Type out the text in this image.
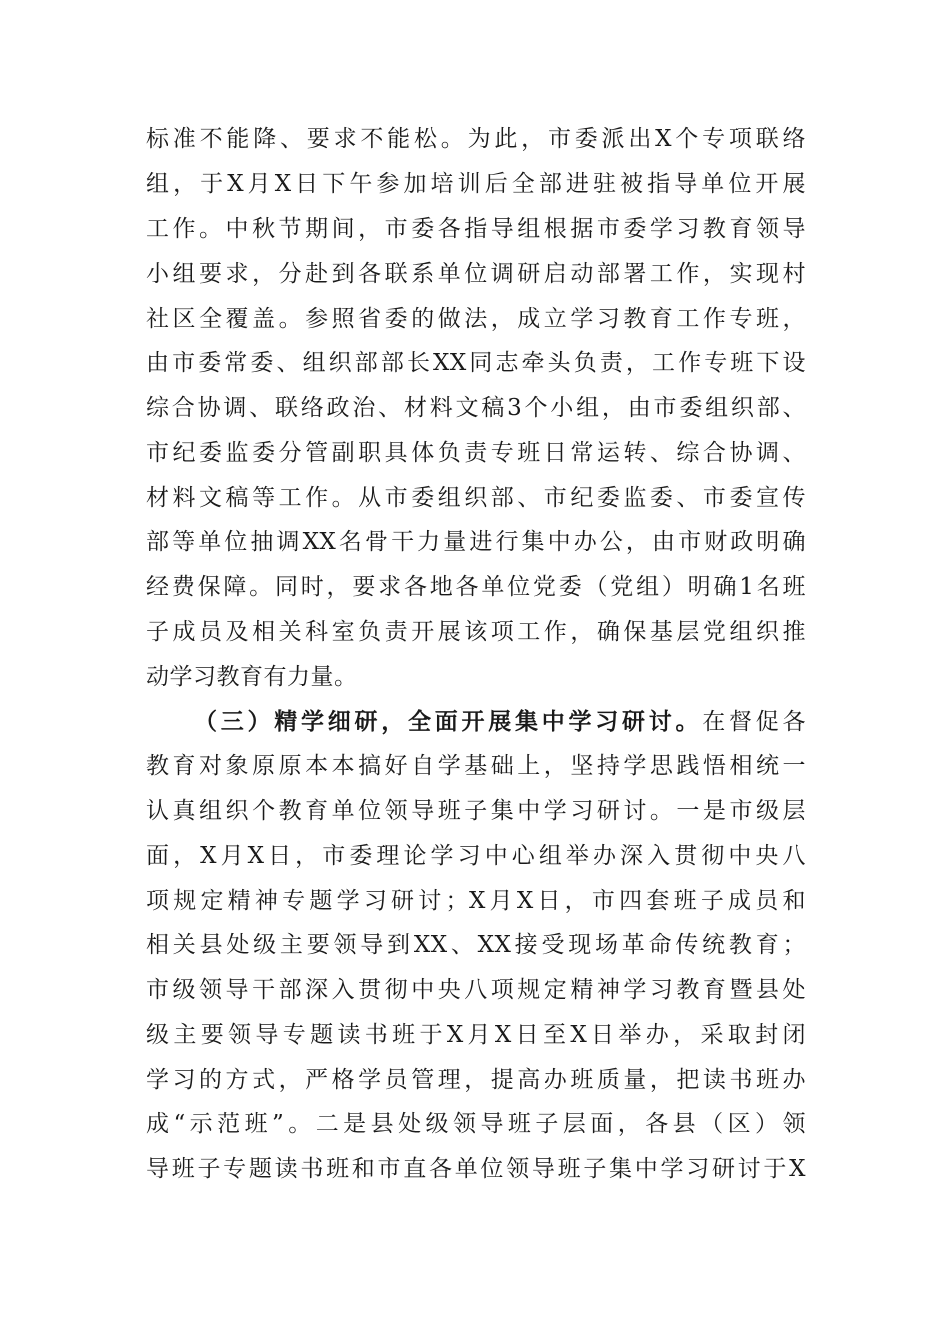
标准不能降、要求不能松。为此，市委派出X个专项联络
组，于X月X日下午参加培训后全部进驻被指导单位开展
工作。中秋节期间，市委各指导组根据市委学习教育领导
小组要求，分赴到各联系单位调研启动部署工作，实现村
社区全覆盖。参照省委的做法，成立学习教育工作专班，
由市委常委、组织部部长XX同志牵头负责，工作专班下设
综合协调、联络政治、材料文稿3个小组，由市委组织部、
市纪委监委分管副职具体负责专班日常运转、综合协调、
材料文稿等工作。从市委组织部、市纪委监委、市委宣传
部等单位抽调XX名骨干力量进行集中办公，由市财政明确
经费保障。同时，要求各地各单位党委（党组）明确1名班
子成员及相关科室负责开展该项工作，确保基层党组织推
动学习教育有力量。
（三）精学细研，全面开展集中学习研讨。在督促各
教育对象原原本本搞好自学基础上，坚持学思践悟相统一
认真组织个教育单位领导班子集中学习研讨。一是市级层
面，X月X日，市委理论学习中心组举办深入贯彻中央八
项规定精神专题学习研讨；X月X日，市四套班子成员和
相关县处级主要领导到XX、XX接受现场革命传统教育；
市级领导干部深入贯彻中央八项规定精神学习教育暨县处
级主要领导专题读书班于X月X日至X日举办，采取封闭
学习的方式，严格学员管理，提高办班质量，把读书班办
成“示范班”。二是县处级领导班子层面，各县（区）领
导班子专题读书班和市直各单位领导班子集中学习研讨于X
